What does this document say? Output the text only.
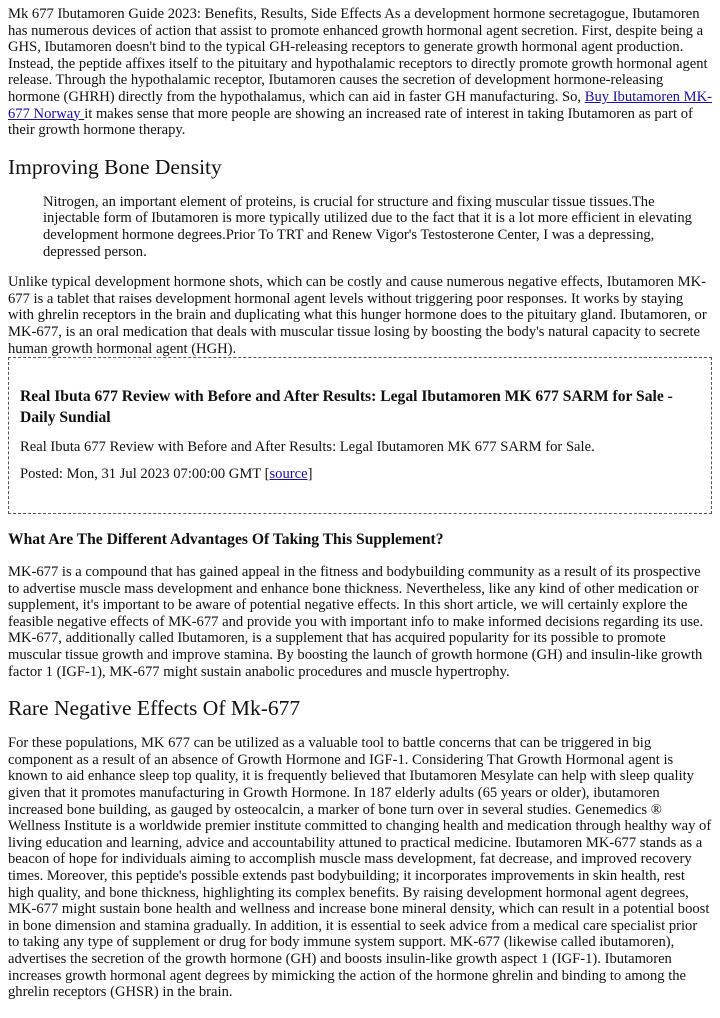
Mk 677 Ibutamoren Guide 2023: Benefits, Results, Side Effects As a development hormone secretagogue, Ibutamoren has numerous devices of action that assist to promote enhanced growth hormonal agent secretion. First, despite being a GHS, Ibutamoren doesn't bind to the typical GH-releasing receptors to generate growth hormonal agent production. Instead, the peptide affixes itself to the pituitary and hypothalamic receptors to directly promote growth hormonal agent release. Through the hypothalamic receptor, Ibutamoren causes the secretion of development hormone-releasing hormone (GHRH) directly from the hypothalamus, which can aid in faster GH manufacturing. So, Buy Ibutamoren MK-677 Norway it makes sense that more people are showing an increased rate of interest in taking Ibutamoren as part of their growth hormone therapy.

Improving Bone Density
Nitrogen, an important element of proteins, is crucial for structure and fixing muscular tissue tissues.The injectable form of Ibutamoren is more typically utilized due to the fact that it is a lot more efficient in elevating development hormone degrees.Prior To TRT and Renew Vigor's Testosterone Center, I was a depressing, depressed person.

Unlike typical development hormone shots, which can be costly and cause numerous negative effects, Ibutamoren MK-677 is a tablet that raises development hormonal agent levels without triggering poor responses. It works by staying with ghrelin receptors in the brain and duplicating what this hunger hormone does to the pituitary gland. Ibutamoren, or MK-677, is an oral medication that deals with muscular tissue losing by boosting the body's natural capacity to secrete human growth hormonal agent (HGH).

Real Ibuta 677 Review with Before and After Results: Legal Ibutamoren MK 677 SARM for Sale - Daily Sundial

Real Ibuta 677 Review with Before and After Results: Legal Ibutamoren MK 677 SARM for Sale.

Posted: Mon, 31 Jul 2023 07:00:00 GMT [source]

What Are The Different Advantages Of Taking This Supplement?

MK-677 is a compound that has gained appeal in the fitness and bodybuilding community as a result of its prospective to advertise muscle mass development and enhance bone thickness. Nevertheless, like any kind of other medication or supplement, it's important to be aware of potential negative effects. In this short article, we will certainly explore the feasible negative effects of MK-677 and provide you with important info to make informed decisions regarding its use. MK-677, additionally called Ibutamoren, is a supplement that has acquired popularity for its possible to promote muscular tissue growth and improve stamina. By boosting the launch of growth hormone (GH) and insulin-like growth factor 1 (IGF-1), MK-677 might sustain anabolic procedures and muscle hypertrophy.

Rare Negative Effects Of Mk-677

For these populations, MK 677 can be utilized as a valuable tool to battle concerns that can be triggered in big component as a result of an absence of Growth Hormone and IGF-1. Considering That Growth Hormonal agent is known to aid enhance sleep top quality, it is frequently believed that Ibutamoren Mesylate can help with sleep quality given that it promotes manufacturing in Growth Hormone. In 187 elderly adults (65 years or older), ibutamoren increased bone building, as gauged by osteocalcin, a marker of bone turn over in several studies. Genemedics ® Wellness Institute is a worldwide premier institute committed to changing health and medication through healthy way of living education and learning, advice and accountability attuned to practical medicine. Ibutamoren MK-677 stands as a beacon of hope for individuals aiming to accomplish muscle mass development, fat decrease, and improved recovery times. Moreover, this peptide's possible extends past bodybuilding; it incorporates improvements in skin health, rest high quality, and bone thickness, highlighting its complex benefits. By raising development hormonal agent degrees, MK-677 might sustain bone health and wellness and increase bone mineral density, which can result in a potential boost in bone dimension and stamina gradually. In addition, it is essential to seek advice from a medical care specialist prior to taking any type of supplement or drug for body immune system support. MK-677 (likewise called ibutamoren), advertises the secretion of the growth hormone (GH) and boosts insulin-like growth aspect 1 (IGF-1). Ibutamoren increases growth hormonal agent degrees by mimicking the action of the hormone ghrelin and binding to among the ghrelin receptors (GHSR) in the brain.
